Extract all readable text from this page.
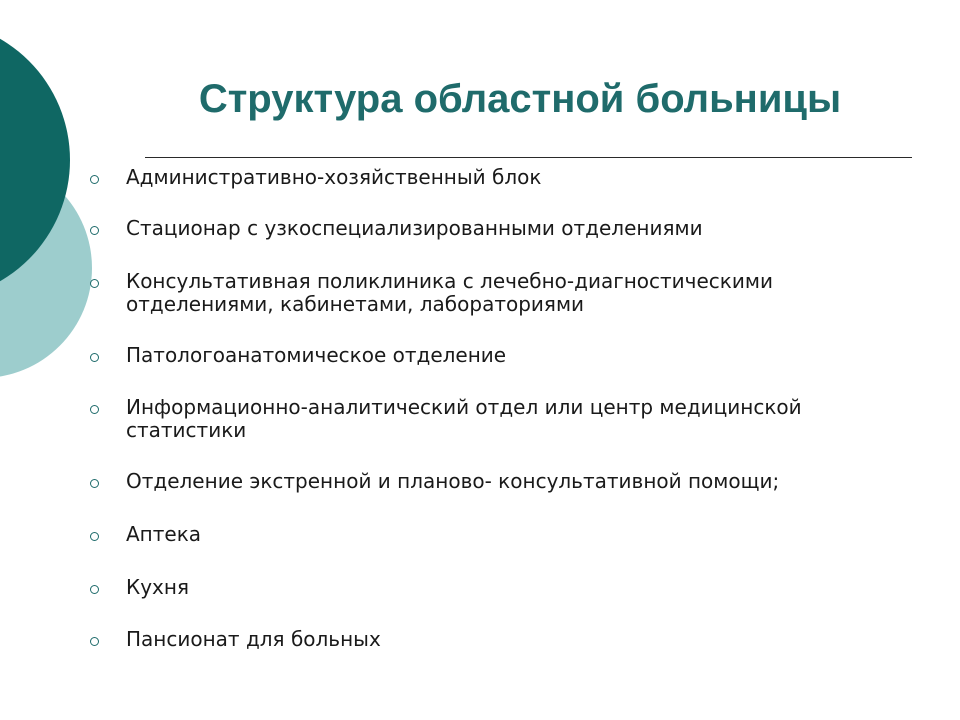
Структура областной больницы
Административно-хозяйственный блок
Стационар с узкоспециализированными отделениями
Консультативная поликлиника с лечебно-диагностическими
отделениями, кабинетами, лабораториями
Патологоанатомическое отделение
Информационно-аналитический отдел или центр медицинской
статистики
Отделение экстренной и планово- консультативной помощи;
Аптека
Кухня
Пансионат для больных
